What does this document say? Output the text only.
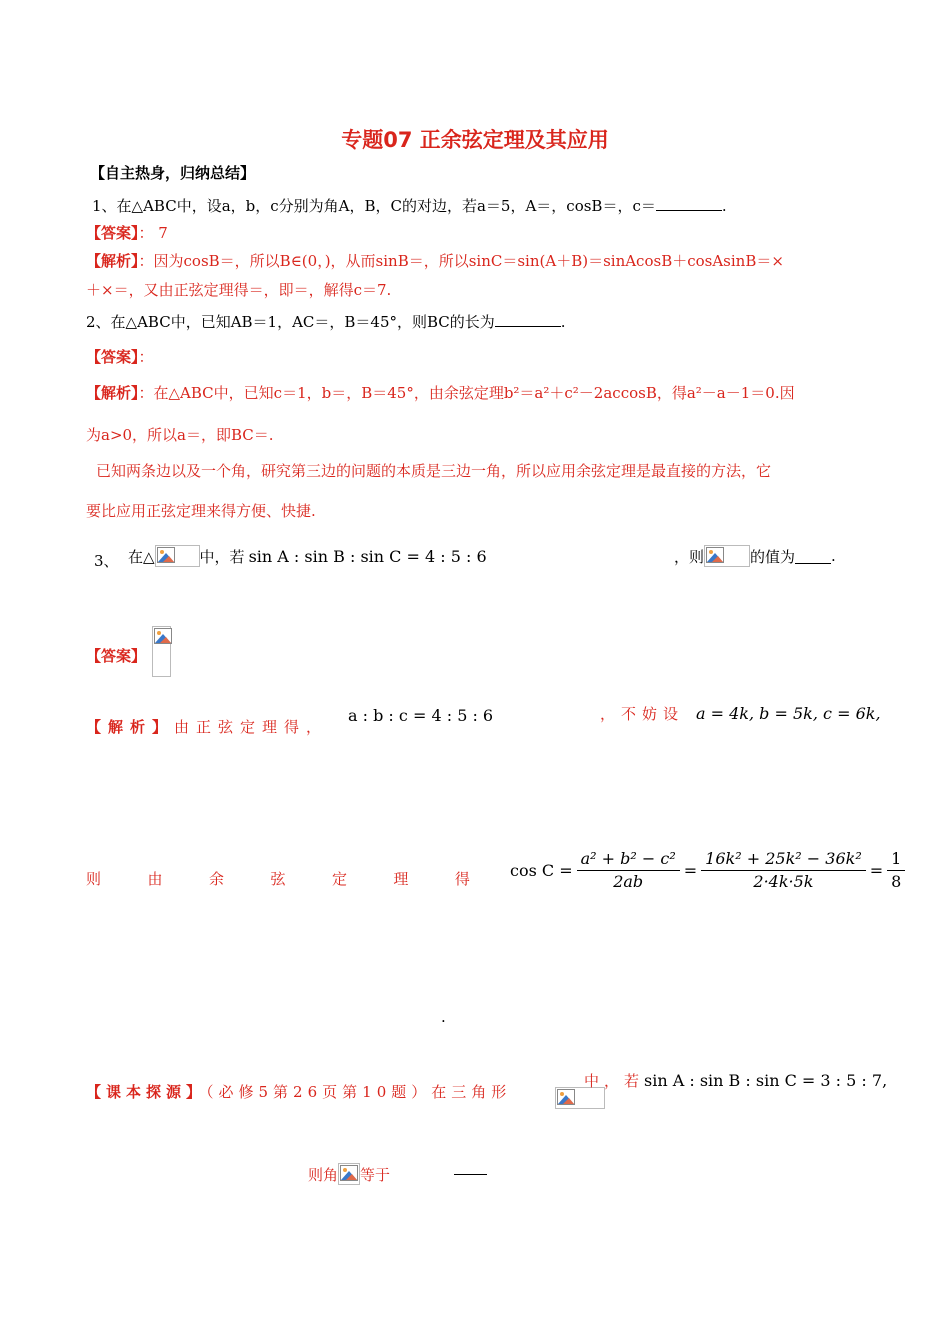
专题07 正余弦定理及其应用
【自主热身，归纳总结】
1、在△ABC中，设a，b，c分别为角A，B，C的对边，若a＝5，A＝，cosB＝，c＝	.
【答案】： 7
【解析】：因为cosB＝，所以B∈(0，)，从而sinB＝，所以sinC＝sin(A＋B)＝sinAcosB＋cosAsinB＝×
＋×＝，又由正弦定理得＝，即＝，解得c＝7.
2、在△ABC中，已知AB＝1，AC＝，B＝45°，则BC的长为	.
【答案】：
【解析】：在△ABC中，已知c＝1，b＝，B＝45°，由余弦定理b²＝a²＋c²－2accosB，得a²－a－1＝0.因
为a>0，所以a＝，即BC＝.
已知两条边以及一个角，研究第三边的问题的本质是三边一角，所以应用余弦定理是最直接的方法，它
要比应用正弦定理来得方便、快捷.
3、 在△	中，若 sin A : sin B : sin C = 4 : 5 : 6	，则	的值为 .
【答案】

【解析】由正弦定理得，
a : b : c = 4 : 5 : 6	，不妨设 a = 4k, b = 5k, c = 6k,
则	由	余	弦	定	理	得	$\cos C = \frac{\text{a² + b² − c²}}{2ab} = \frac{\text{16k² + 25k² − 36k²}}{2\cdot 4k\cdot 5k} = \frac{1}{8}$
.
【课本探源】（必修5第26页第10题）在三角形
中，若 sin A : sin B : sin C = 3 : 5 : 7,
则角 等于
